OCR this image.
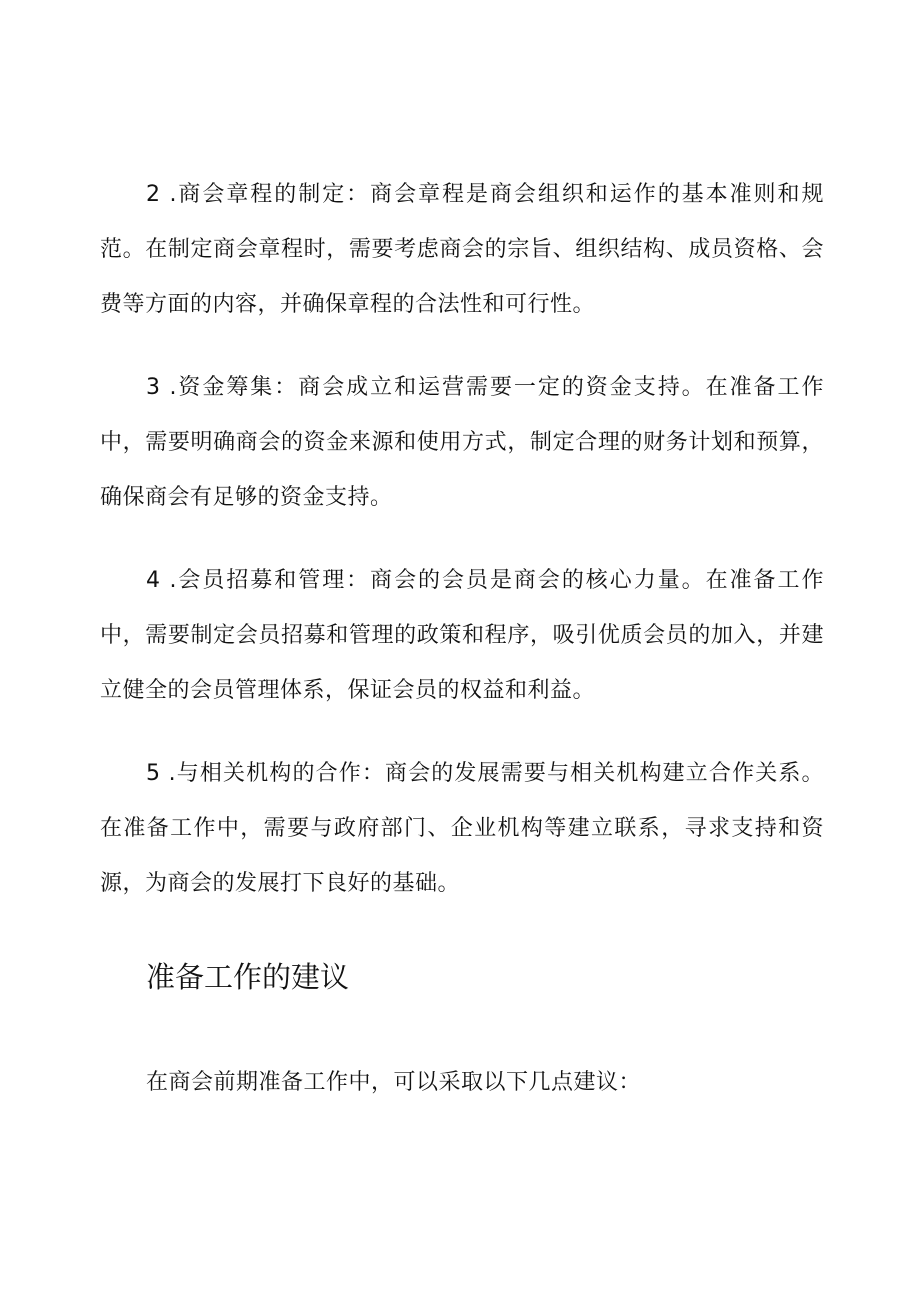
2 .商会章程的制定：商会章程是商会组织和运作的基本准则和规范。在制定商会章程时，需要考虑商会的宗旨、组织结构、成员资格、会费等方面的内容，并确保章程的合法性和可行性。

3 .资金筹集：商会成立和运营需要一定的资金支持。在准备工作中，需要明确商会的资金来源和使用方式，制定合理的财务计划和预算，确保商会有足够的资金支持。

4 .会员招募和管理：商会的会员是商会的核心力量。在准备工作中，需要制定会员招募和管理的政策和程序，吸引优质会员的加入，并建立健全的会员管理体系，保证会员的权益和利益。

5 .与相关机构的合作：商会的发展需要与相关机构建立合作关系。在准备工作中，需要与政府部门、企业机构等建立联系，寻求支持和资源，为商会的发展打下良好的基础。

准备工作的建议

在商会前期准备工作中，可以采取以下几点建议：
